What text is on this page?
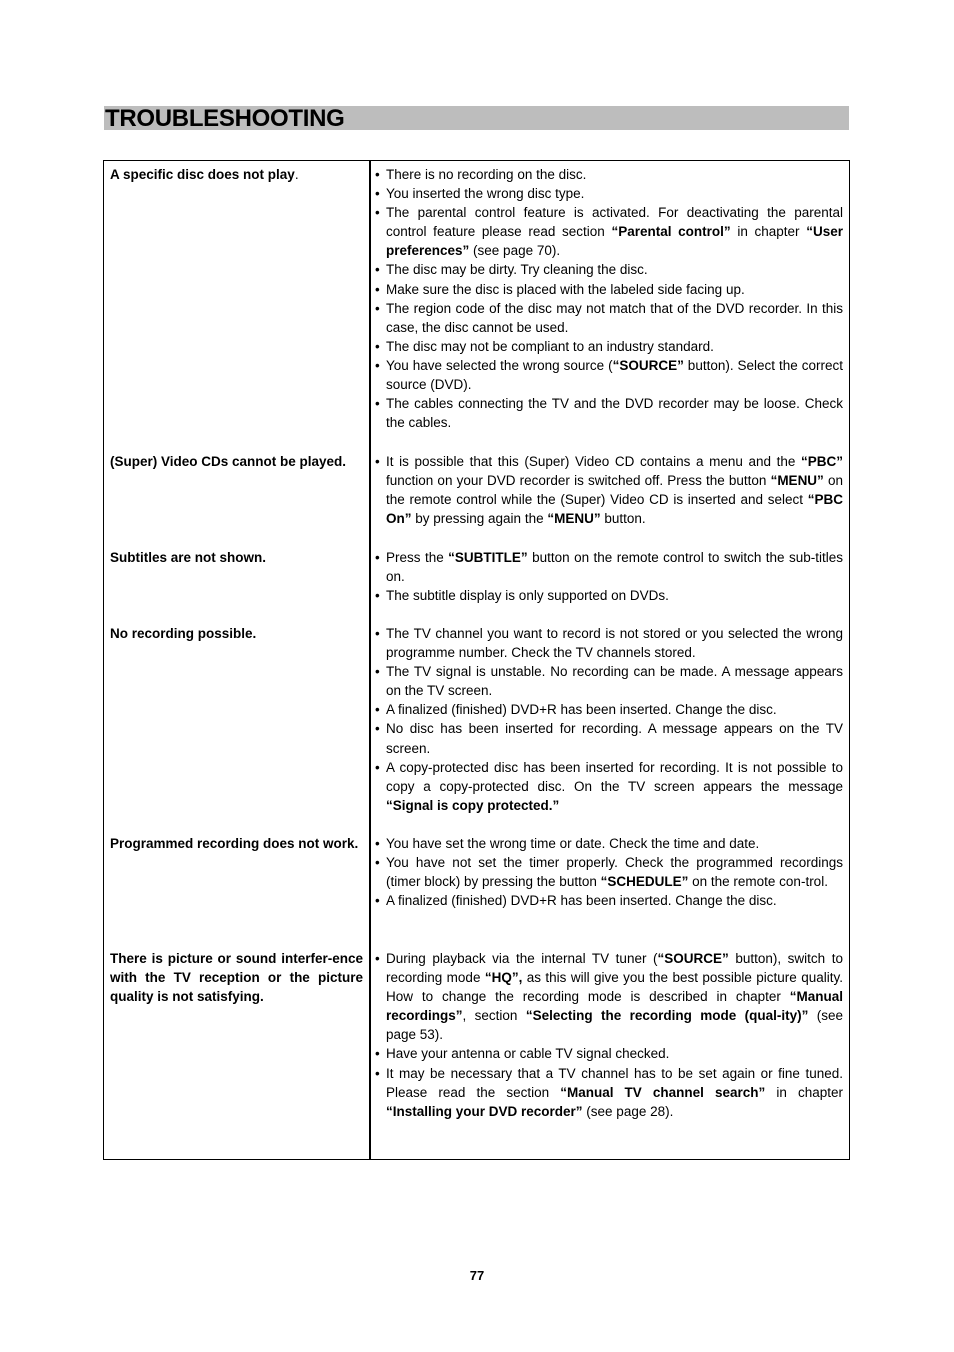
TROUBLESHOOTING
A specific disc does not play.	• There is no recording on the disc.
• You inserted the wrong disc type.
• The parental control feature is activated. For deactivating the parental control feature please read section “Parental control” in chapter “User preferences” (see page 70).
• The disc may be dirty. Try cleaning the disc.
• Make sure the disc is placed with the labeled side facing up.
• The region code of the disc may not match that of the DVD recorder. In this case, the disc cannot be used.
• The disc may not be compliant to an industry standard.
• You have selected the wrong source (“SOURCE” button). Select the correct source (DVD).
• The cables connecting the TV and the DVD recorder may be loose. Check the cables.
(Super) Video CDs cannot be played.	• It is possible that this (Super) Video CD contains a menu and the “PBC” function on your DVD recorder is switched off. Press the button “MENU” on the remote control while the (Super) Video CD is inserted and select “PBC On” by pressing again the “MENU” button.
Subtitles are not shown.	• Press the “SUBTITLE” button on the remote control to switch the sub-titles on.
• The subtitle display is only supported on DVDs.
No recording possible.	• The TV channel you want to record is not stored or you selected the wrong programme number. Check the TV channels stored.
• The TV signal is unstable. No recording can be made. A message appears on the TV screen.
• A finalized (finished) DVD+R has been inserted. Change the disc.
• No disc has been inserted for recording. A message appears on the TV screen.
• A copy-protected disc has been inserted for recording. It is not possible to copy a copy-protected disc. On the TV screen appears the message “Signal is copy protected.”
Programmed recording does not work.	• You have set the wrong time or date. Check the time and date.
• You have not set the timer properly. Check the programmed recordings (timer block) by pressing the button “SCHEDULE” on the remote con-trol.
• A finalized (finished) DVD+R has been inserted. Change the disc.
There is picture or sound interfer-ence with the TV reception or the picture quality is not satisfying.
• During playback via the internal TV tuner (“SOURCE” button), switch to recording mode “HQ”, as this will give you the best possible picture quality. How to change the recording mode is described in chapter “Manual recordings”, section “Selecting the recording mode (qual-ity)” (see page 53).
• Have your antenna or cable TV signal checked.
• It may be necessary that a TV channel has to be set again or fine tuned. Please read the section “Manual TV channel search” in chapter “Installing your DVD recorder” (see page 28).
77
